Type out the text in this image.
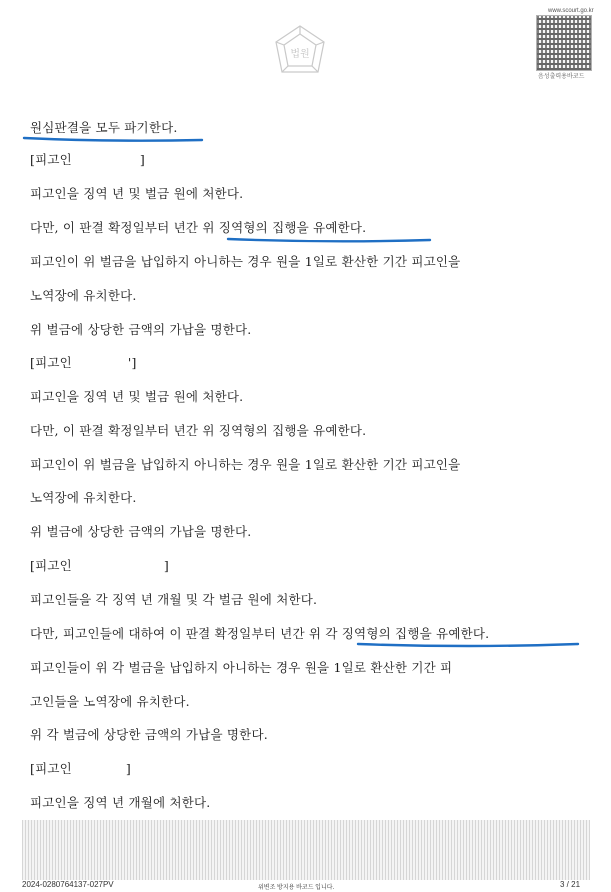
www.scourt.go.kr
음성출력용바코드
법원
원심판결을 모두 파기한다.
[피고인	]
피고인을 징역 년 및 벌금 원에 처한다.
다만, 이 판결 확정일부터 년간 위 징역형의 집행을 유예한다.
피고인이 위 벌금을 납입하지 아니하는 경우 원을 1일로 환산한 기간 피고인을
노역장에 유치한다.
위 벌금에 상당한 금액의 가납을 명한다.
[피고인	']
피고인을 징역 년 및 벌금 원에 처한다.
다만, 이 판결 확정일부터 년간 위 징역형의 집행을 유예한다.
피고인이 위 벌금을 납입하지 아니하는 경우 원을 1일로 환산한 기간 피고인을
노역장에 유치한다.
위 벌금에 상당한 금액의 가납을 명한다.
[피고인	]
피고인들을 각 징역 년 개월 및 각 벌금 원에 처한다.
다만, 피고인들에 대하여 이 판결 확정일부터 년간 위 각 징역형의 집행을 유예한다.
피고인들이 위 각 벌금을 납입하지 아니하는 경우 원을 1일로 환산한 기간 피
고인들을 노역장에 유치한다.
위 각 벌금에 상당한 금액의 가납을 명한다.
[피고인	]
피고인을 징역 년 개월에 처한다.
2024-0280764137-027PV	위변조 방지용 바코드 입니다.	3 / 21
